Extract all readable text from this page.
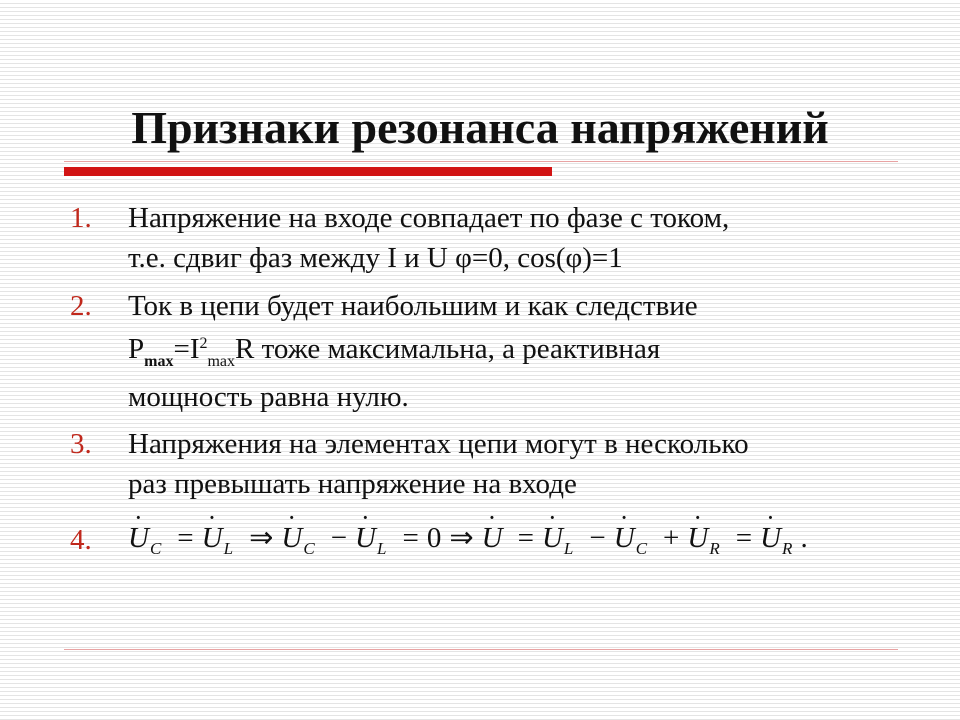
Признаки резонанса напряжений
1. Напряжение на входе совпадает по фазе с током,
т.е. сдвиг фаз между I и U φ=0, cos(φ)=1
2. Ток в цепи будет наибольшим и как следствие
$P_{max}=I^2_{max}R$ тоже максимальна, а реактивная
мощность равна нулю.
3. Напряжения на элементах цепи могут в несколько
раз превышать напряжение на входе
4.
· $U_C =\cdot U_L$ ⇒· $U_C -\cdot U_L = 0$ ⇒· $U =\cdot U_L -\cdot U_C +\cdot U_R =\cdot U_R$ .
